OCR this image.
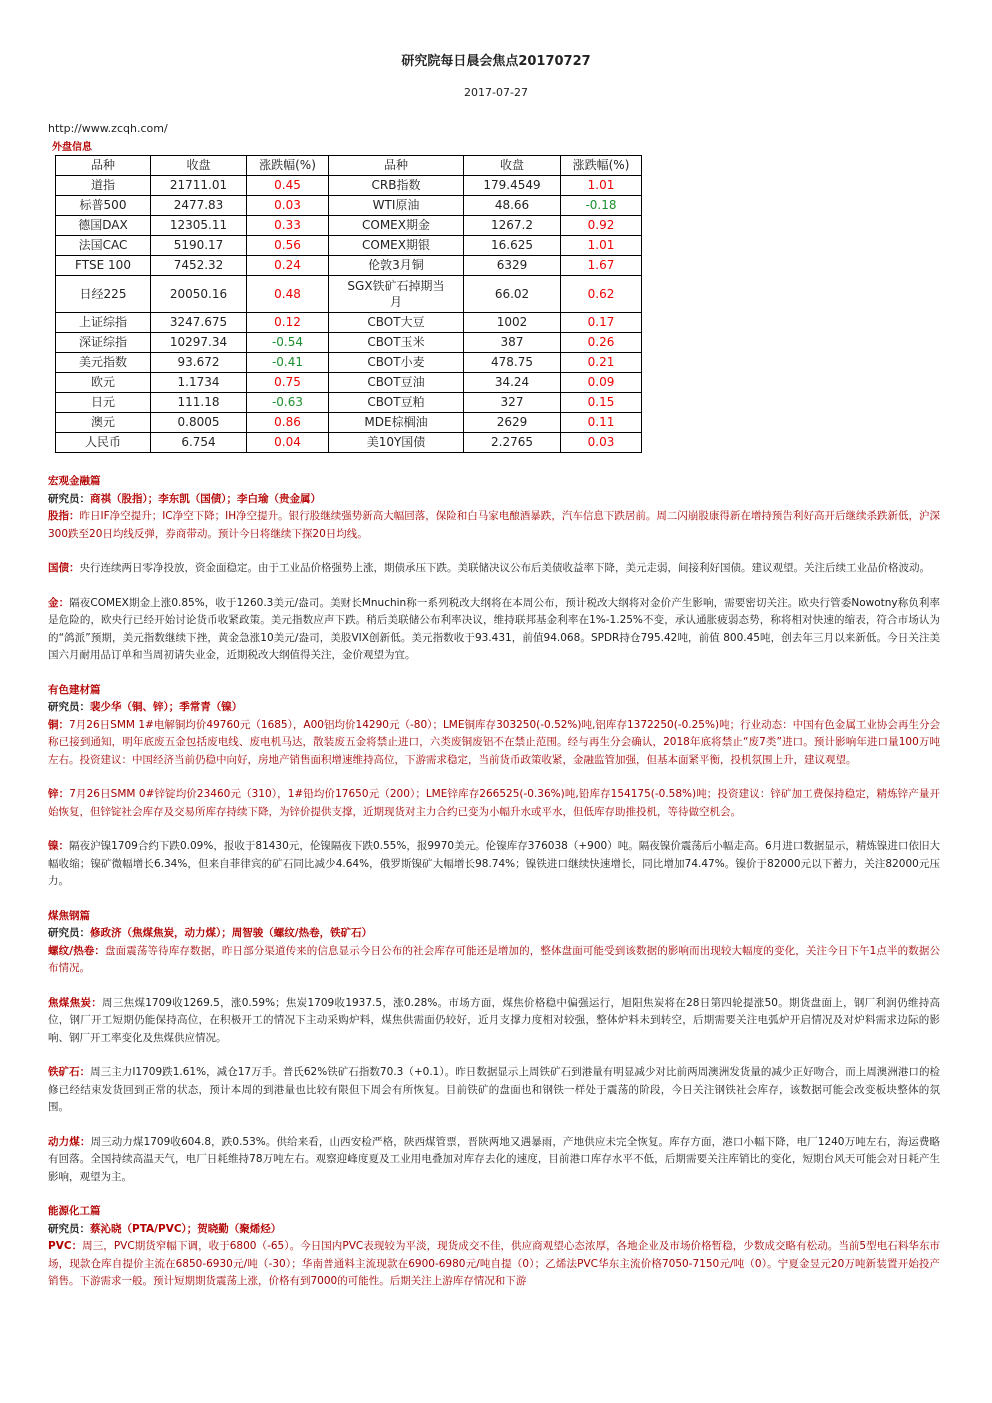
研究院每日晨会焦点20170727
2017-07-27
http://www.zcqh.com/
外盘信息
品种	收盘	涨跌幅(%)	品种	收盘	涨跌幅(%)
道指	21711.01	0.45	CRB指数	179.4549	1.01
标普500	2477.83	0.03	WTI原油	48.66	-0.18
德国DAX	12305.11	0.33	COMEX期金	1267.2	0.92
法国CAC	5190.17	0.56	COMEX期银	16.625	1.01
FTSE 100	7452.32	0.24	伦敦3月铜	6329	1.67
日经225	20050.16	0.48	SGX铁矿石掉期当月	66.02	0.62
上证综指	3247.675	0.12	CBOT大豆	1002	0.17
深证综指	10297.34	-0.54	CBOT玉米	387	0.26
美元指数	93.672	-0.41	CBOT小麦	478.75	0.21
欧元	1.1734	0.75	CBOT豆油	34.24	0.09
日元	111.18	-0.63	CBOT豆粕	327	0.15
澳元	0.8005	0.86	MDE棕榈油	2629	0.11
人民币	6.754	0.04	美10Y国债	2.2765	0.03
宏观金融篇
研究员：商祺（股指）；李东凯（国债）；李白瑜（贵金属）

股指：昨日IF净空提升；IC净空下降；IH净空提升。银行股继续强势新高大幅回落，保险和白马家电酿酒暴跌，汽车信息下跌居前。周二闪崩股康得新在增持预告利好高开后继续杀跌新低，沪深300跌至20日均线反弹，券商带动。预计今日将继续下探20日均线。

国债：央行连续两日零净投放，资金面稳定。由于工业品价格强势上涨，期债承压下跌。美联储决议公布后美债收益率下降，美元走弱，间接利好国债。建议观望。关注后续工业品价格波动。

金：隔夜COMEX期金上涨0.85%，收于1260.3美元/盎司。美财长Mnuchin称一系列税改大纲将在本周公布，预计税改大纲将对金价产生影响，需要密切关注。欧央行管委Nowotny称负利率是危险的，欧央行已经开始讨论货币收紧政策。美元指数应声下跌。稍后美联储公布利率决议，维持联邦基金利率在1%-1.25%不变，承认通胀疲弱态势，称将相对快速的缩表，符合市场认为的“鸽派”预期，美元指数继续下挫，黄金急涨10美元/盎司，美股VIX创新低。美元指数收于93.431，前值94.068。SPDR持仓795.42吨，前值 800.45吨，创去年三月以来新低。今日关注美国六月耐用品订单和当周初请失业金，近期税改大纲值得关注，金价观望为宜。

有色建材篇
研究员：裴少华（铜、锌）；季常青（镍）

铜：7月26日SMM 1#电解铜均价49760元（1685），A00铝均价14290元（-80）；LME铜库存303250(-0.52%)吨,铝库存1372250(-0.25%)吨；行业动态：中国有色金属工业协会再生分会称已接到通知，明年底废五金包括废电线、废电机马达，散装废五金将禁止进口，六类废铜废铝不在禁止范围。经与再生分会确认，2018年底将禁止“废7类”进口。预计影响年进口量100万吨左右。投资建议：中国经济当前仍稳中向好，房地产销售面积增速维持高位，下游需求稳定，当前货币政策收紧，金融监管加强，但基本面紧平衡，投机氛围上升，建议观望。

锌：7月26日SMM 0#锌锭均价23460元（310），1#铅均价17650元（200）；LME锌库存266525(-0.36%)吨,铅库存154175(-0.58%)吨；投资建议：锌矿加工费保持稳定，精炼锌产量开始恢复，但锌锭社会库存及交易所库存持续下降，为锌价提供支撑，近期现货对主力合约已变为小幅升水或平水，但低库存助推投机，等待做空机会。

镍：隔夜沪镍1709合约下跌0.09%，报收于81430元，伦镍隔夜下跌0.55%，报9970美元。伦镍库存376038（+900）吨。隔夜镍价震荡后小幅走高。6月进口数据显示，精炼镍进口依旧大幅收缩；镍矿微幅增长6.34%，但来自菲律宾的矿石同比减少4.64%，俄罗斯镍矿大幅增长98.74%；镍铁进口继续快速增长，同比增加74.47%。镍价于82000元以下蓄力，关注82000元压力。

煤焦钢篇
研究员：修政济（焦煤焦炭，动力煤）；周智骏（螺纹/热卷，铁矿石）

螺纹/热卷：盘面震荡等待库存数据，昨日部分渠道传来的信息显示今日公布的社会库存可能还是增加的，整体盘面可能受到该数据的影响而出现较大幅度的变化，关注今日下午1点半的数据公布情况。

焦煤焦炭：周三焦煤1709收1269.5，涨0.59%；焦炭1709收1937.5，涨0.28%。市场方面，煤焦价格稳中偏强运行，旭阳焦炭将在28日第四轮提涨50。期货盘面上，钢厂利润仍维持高位，钢厂开工短期仍能保持高位，在积极开工的情况下主动采购炉料，煤焦供需面仍较好，近月支撑力度相对较强，整体炉料未到转空，后期需要关注电弧炉开启情况及对炉料需求边际的影响、钢厂开工率变化及焦煤供应情况。

铁矿石：周三主力I1709跌1.61%，减仓17万手。普氏62%铁矿石指数70.3（+0.1）。昨日数据显示上周铁矿石到港量有明显减少对比前两周澳洲发货量的减少正好吻合，而上周澳洲港口的检修已经结束发货回到正常的状态，预计本周的到港量也比较有限但下周会有所恢复。目前铁矿的盘面也和钢铁一样处于震荡的阶段，今日关注钢铁社会库存，该数据可能会改变板块整体的氛围。

动力煤：周三动力煤1709收604.8，跌0.53%。供给来看，山西安检严格，陕西煤管票，晋陕两地又遇暴雨，产地供应未完全恢复。库存方面，港口小幅下降，电厂1240万吨左右，海运费略有回落。全国持续高温天气，电厂日耗维持78万吨左右。观察迎峰度夏及工业用电叠加对库存去化的速度，目前港口库存水平不低，后期需要关注库销比的变化，短期台风天可能会对日耗产生影响，观望为主。

能源化工篇
研究员：蔡沁晓（PTA/PVC）；贺晓勤（聚烯烃）

PVC：周三，PVC期货窄幅下调，收于6800（-65）。今日国内PVC表现较为平淡，现货成交不佳，供应商观望心态浓厚，各地企业及市场价格暂稳，少数成交略有松动。当前5型电石料华东市场，现款仓库自提价主流在6850-6930元/吨（-30）；华南普通料主流现款在6900-6980元/吨自提（0）；乙烯法PVC华东主流价格7050-7150元/吨（0）。宁夏金昱元20万吨新装置开始投产销售。下游需求一般。预计短期期货震荡上涨，价格有到7000的可能性。后期关注上游库存情况和下游
